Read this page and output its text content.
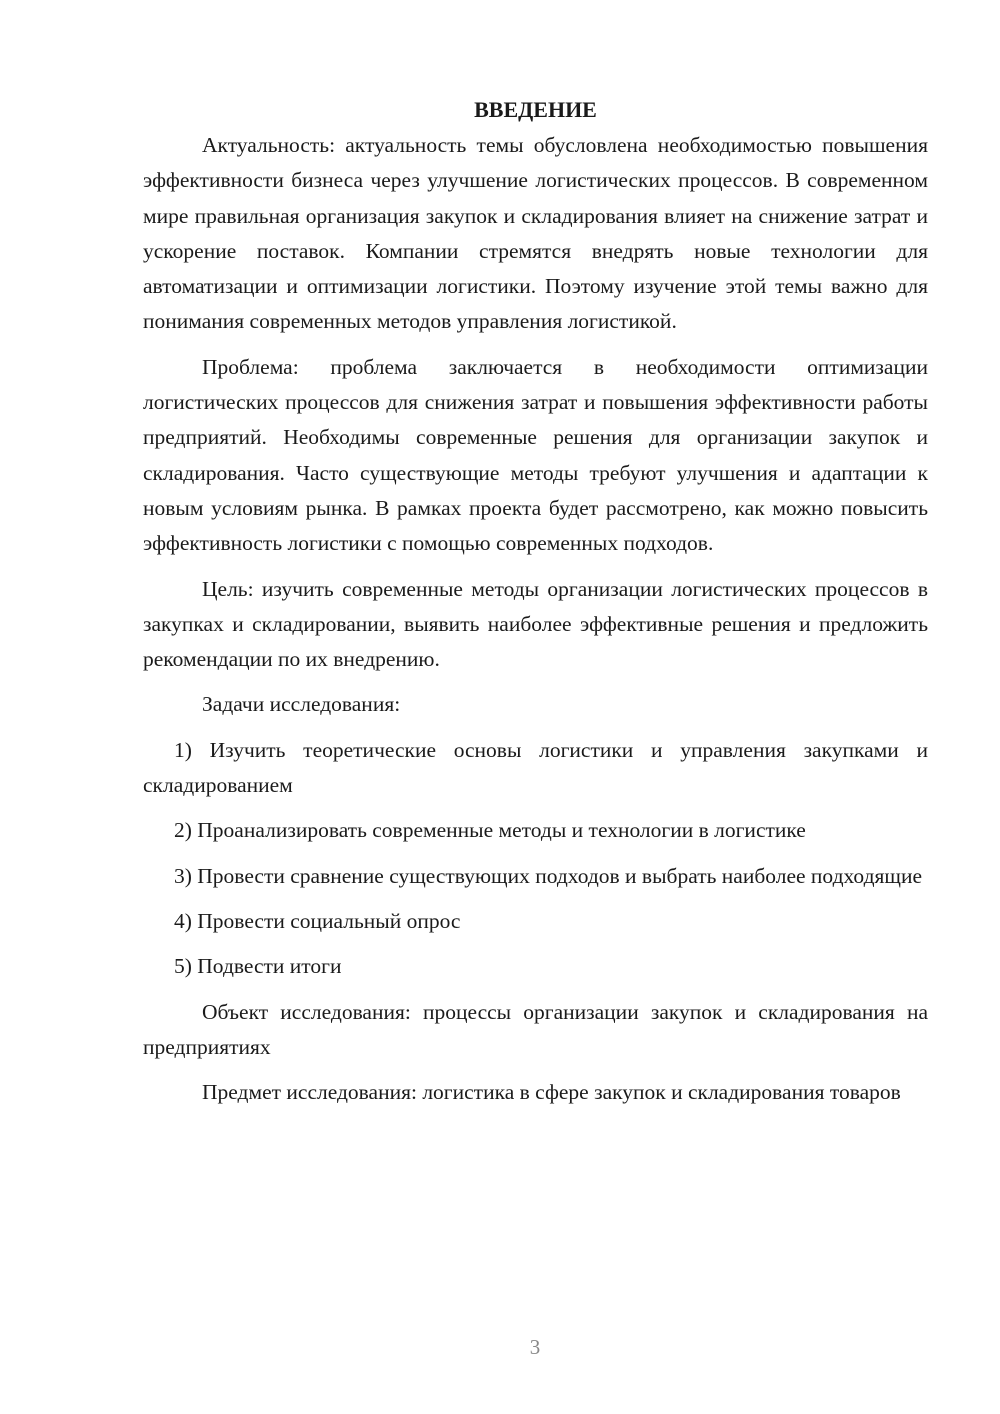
ВВЕДЕНИЕ

Актуальность: актуальность темы обусловлена необходимостью повышения эффективности бизнеса через улучшение логистических процессов. В современном мире правильная организация закупок и складирования влияет на снижение затрат и ускорение поставок. Компании стремятся внедрять новые технологии для автоматизации и оптимизации логистики. Поэтому изучение этой темы важно для понимания современных методов управления логистикой.

Проблема: проблема заключается в необходимости оптимизации логистических процессов для снижения затрат и повышения эффективности работы предприятий. Необходимы современные решения для организации закупок и складирования. Часто существующие методы требуют улучшения и адаптации к новым условиям рынка. В рамках проекта будет рассмотрено, как можно повысить эффективность логистики с помощью современных подходов.

Цель: изучить современные методы организации логистических процессов в закупках и складировании, выявить наиболее эффективные решения и предложить рекомендации по их внедрению.

Задачи исследования:

1) Изучить теоретические основы логистики и управления закупками и складированием

2) Проанализировать современные методы и технологии в логистике

3) Провести сравнение существующих подходов и выбрать наиболее подходящие

4) Провести социальный опрос

5) Подвести итоги

Объект исследования: процессы организации закупок и складирования на предприятиях

Предмет исследования: логистика в сфере закупок и складирования товаров

3
